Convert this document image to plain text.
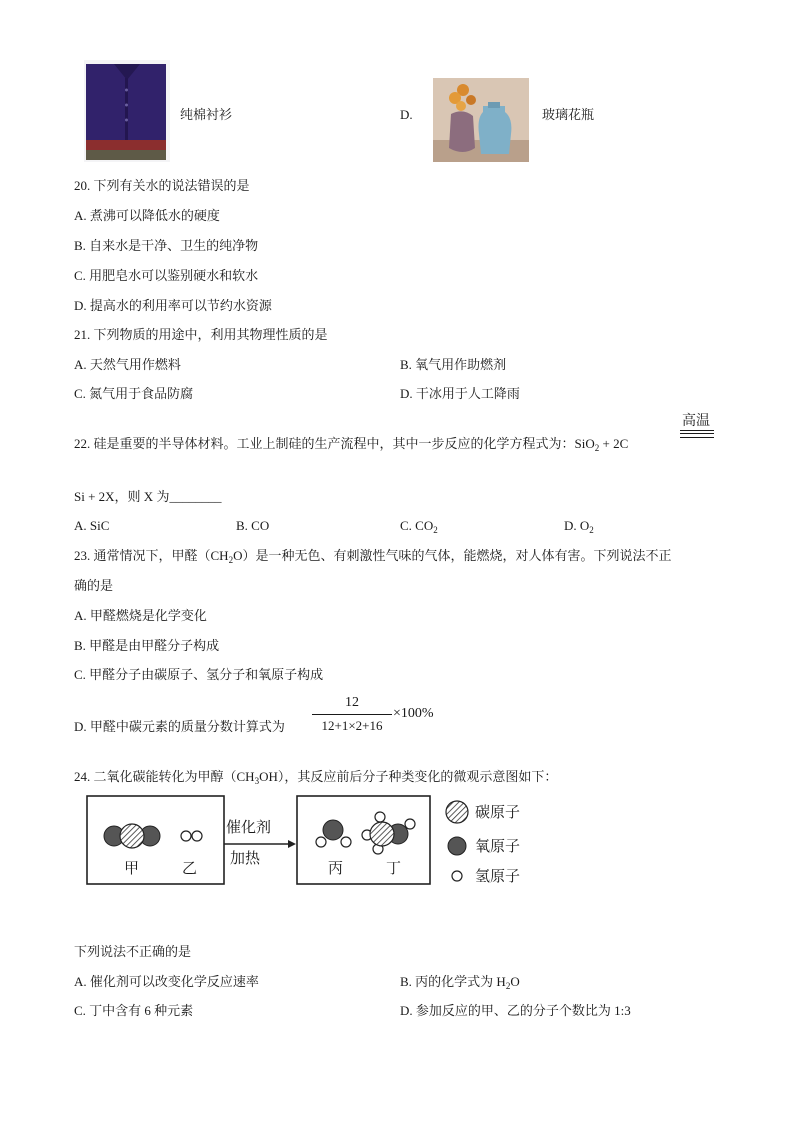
纯棉衬衫	D.	玻璃花瓶
20. 下列有关水的说法错误的是
A. 煮沸可以降低水的硬度
B. 自来水是干净、卫生的纯净物
C. 用肥皂水可以鉴别硬水和软水
D. 提高水的利用率可以节约水资源
21. 下列物质的用途中，利用其物理性质的是
A. 天然气用作燃料	B. 氧气用作助燃剂
C. 氮气用于食品防腐	D. 干冰用于人工降雨
22. 硅是重要的半导体材料。工业上制硅的生产流程中，其中一步反应的化学方程式为：SiO$_2$ + 2C
高温
Si + 2X，则 X 为________
A. SiC	B. CO	C. $CO_2$	D. $O_2$
23. 通常情况下，甲醛$(CH_2O)$是一种无色、有刺激性气味的气体，能燃烧，对人体有害。下列说法不正
确的是
A. 甲醛燃烧是化学变化
B. 甲醛是由甲醛分子构成
C. 甲醛分子由碳原子、氢分子和氧原子构成
D. 甲醛中碳元素的质量分数计算式为
12
12+1×2+16
×100%
24. 二氧化碳能转化为甲醇$(CH_3OH)$，其反应前后分子种类变化的微观示意图如下：
甲	乙
催化剂
加热
丙	丁
碳原子
氧原子
氢原子
下列说法不正确的是
A. 催化剂可以改变化学反应速率	B. 丙的化学式为 $H_2O$
C. 丁中含有 6 种元素	D. 参加反应的甲、乙的分子个数比为 1:3
